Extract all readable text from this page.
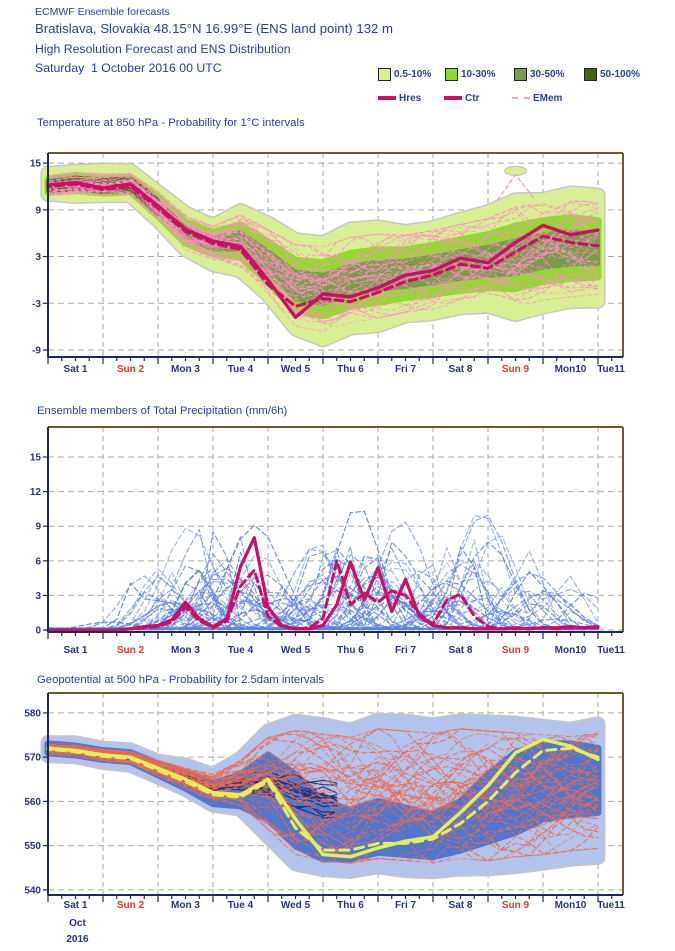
ECMWF Ensemble forecasts
Bratislava, Slovakia 48.15°N 16.99°E (ENS land point) 132 m
High Resolution Forecast and ENS Distribution
Saturday  1 October 2016 00 UTC	0.5-10%	10-30%	30-50%	50-100%
Hres	Ctr	EMem
Temperature at 850 hPa - Probability for 1°C intervals
Ensemble members of Total Precipitation (mm/6h)
Geopotential at 500 hPa - Probability for 2.5dam intervals
15
9
3
-3
-9
Sat 1	Sun 2	Mon 3	Tue 4	Wed 5	Thu 6	Fri 7	Sat 8	Sun 9	Mon10 Tue11
15
12
9
6
3
0
Sat 1	Sun 2	Mon 3	Tue 4	Wed 5	Thu 6	Fri 7	Sat 8	Sun 9	Mon10 Tue11
580
570
560
550
540
Sat 1	Sun 2	Mon 3	Tue 4	Wed 5	Thu 6	Fri 7	Sat 8	Sun 9	Mon10 Tue11
Oct
2016
